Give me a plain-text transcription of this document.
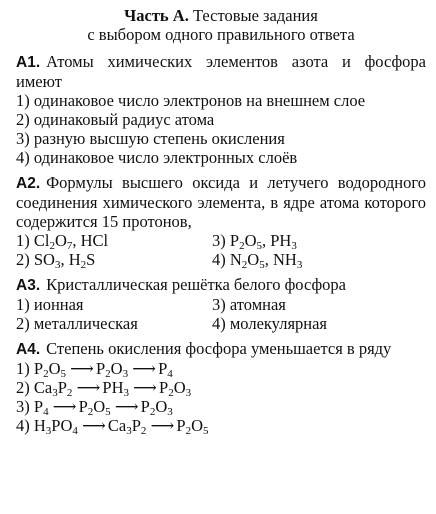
Часть А. Тестовые задания
с выбором одного правильного ответа
А1. Атомы химических элементов азота и фосфора имеют
1) одинаковое число электронов на внешнем слое
2) одинаковый радиус атома
3) разную высшую степень окисления
4) одинаковое число электронных слоёв
А2. Формулы высшего оксида и летучего водородного соединения химического элемента, в ядре атома которого содержится 15 протонов,
1) $Cl_2O_7$, HCl	3) $P_2O_5$, $PH_3$
2) $SO_3$, $H_2S$	4) $N_2O_5$, $NH_3$
А3. Кристаллическая решётка белого фосфора
1) ионная	3) атомная
2) металлическая	4) молекулярная
А4. Степень окисления фосфора уменьшается в ряду
1) $P_2O_5$ ⟶ $P_2O_3$ ⟶ $P_4$
2) $Ca_3P_2$ ⟶ $PH_3$ ⟶ $P_2O_3$
3) $P_4$ ⟶ $P_2O_5$ ⟶ $P_2O_3$
4) $H_3PO_4$ ⟶ $Ca_3P_2$ ⟶ $P_2O_5$
